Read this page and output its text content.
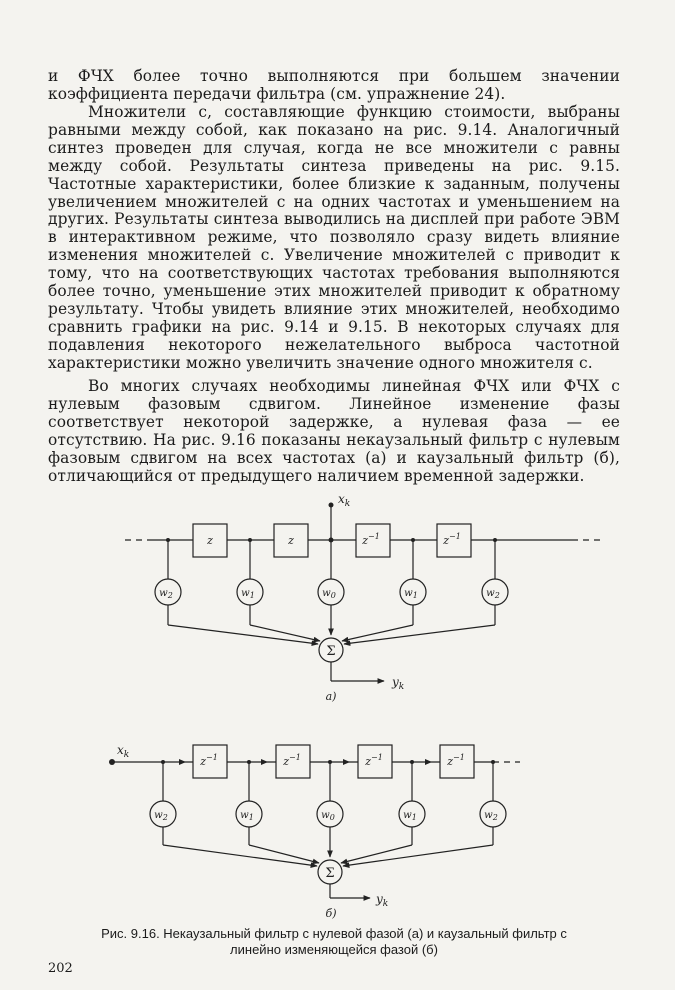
и ФЧХ более точно выполняются при большем значении коэффициента передачи фильтра (см. упражнение 24).

Множители c, составляющие функцию стоимости, выбраны равными между собой, как показано на рис. 9.14. Аналогичный синтез проведен для случая, когда не все множители c равны между собой. Результаты синтеза приведены на рис. 9.15. Частотные характеристики, более близкие к заданным, получены увеличением множителей c на одних частотах и уменьшением на других. Результаты синтеза выводились на дисплей при работе ЭВМ в интерактивном режиме, что позволяло сразу видеть влияние изменения множителей c. Увеличение множителей c приводит к тому, что на соответствующих частотах требования выполняются более точно, уменьшение этих множителей приводит к обратному результату. Чтобы увидеть влияние этих множителей, необходимо сравнить графики на рис. 9.14 и 9.15. В некоторых случаях для подавления некоторого нежелательного выброса частотной характеристики можно увеличить значение одного множителя c.

Во многих случаях необходимы линейная ФЧХ или ФЧХ с нулевым фазовым сдвигом. Линейное изменение фазы соответствует некоторой задержке, а нулевая фаза — ее отсутствию. На рис. 9.16 показаны некаузальный фильтр с нулевым фазовым сдвигом на всех частотах (а) и каузальный фильтр (б), отличающийся от предыдущего наличием временной задержки.

$x_k$
z	z	$z^{-1}$	$z^{-1}$
$w_2$	$w_1$	$w_0$	$w_1$	$w_2$
Σ
$y_k$
а)
$x_k$	$z^{-1}$	$z^{-1}$	$z^{-1}$	$z^{-1}$
$w_2$	$w_1$	$w_0$	$w_1$	$w_2$
Σ
$y_k$
б)

Рис. 9.16. Некаузальный фильтр с нулевой фазой (а) и каузальный фильтр с
линейно изменяющейся фазой (б)

202
